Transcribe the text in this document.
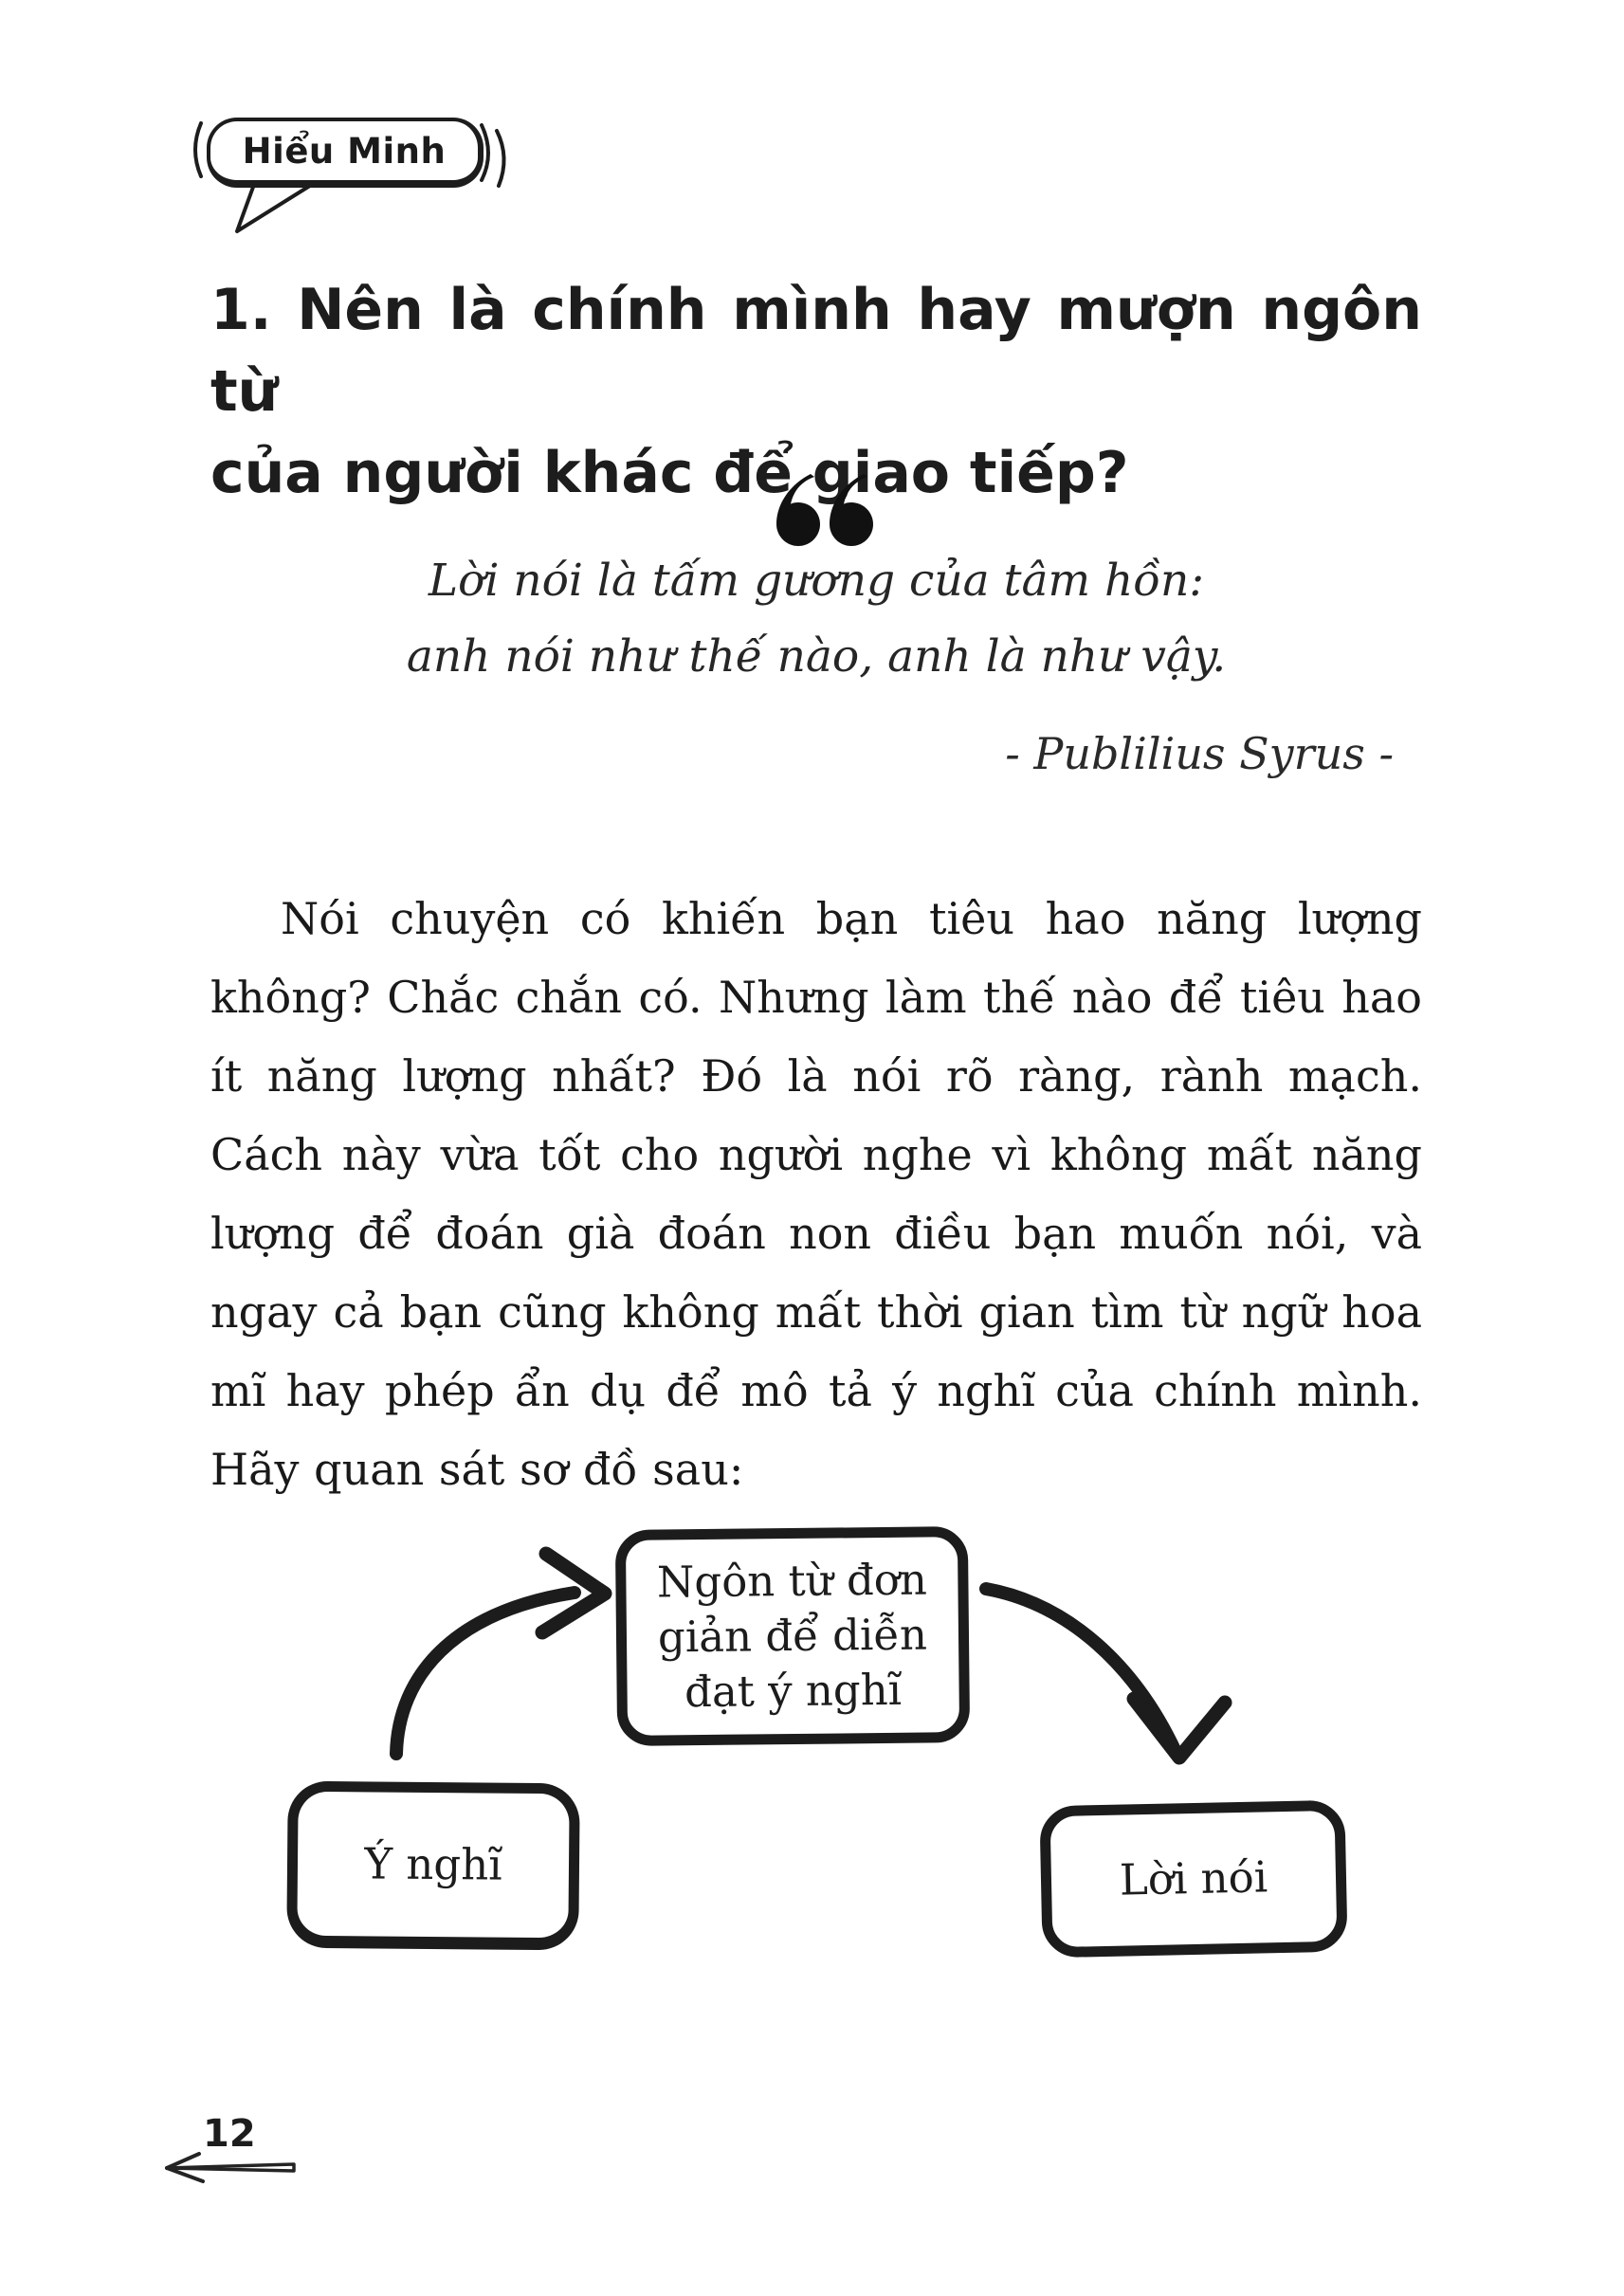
Hiểu Minh
1. Nên là chính mình hay mượn ngôn từ
của người khác để giao tiếp?
Lời nói là tấm gương của tâm hồn:
anh nói như thế nào, anh là như vậy.
- Publilius Syrus -
Nói chuyện có khiến bạn tiêu hao năng lượng không? Chắc chắn có. Nhưng làm thế nào để tiêu hao ít năng lượng nhất? Đó là nói rõ ràng, rành mạch. Cách này vừa tốt cho người nghe vì không mất năng lượng để đoán già đoán non điều bạn muốn nói, và ngay cả bạn cũng không mất thời gian tìm từ ngữ hoa mĩ hay phép ẩn dụ để mô tả ý nghĩ của chính mình. Hãy quan sát sơ đồ sau:
Ngôn từ đơn giản để diễn đạt ý nghĩ
Ý nghĩ	Lời nói
12
